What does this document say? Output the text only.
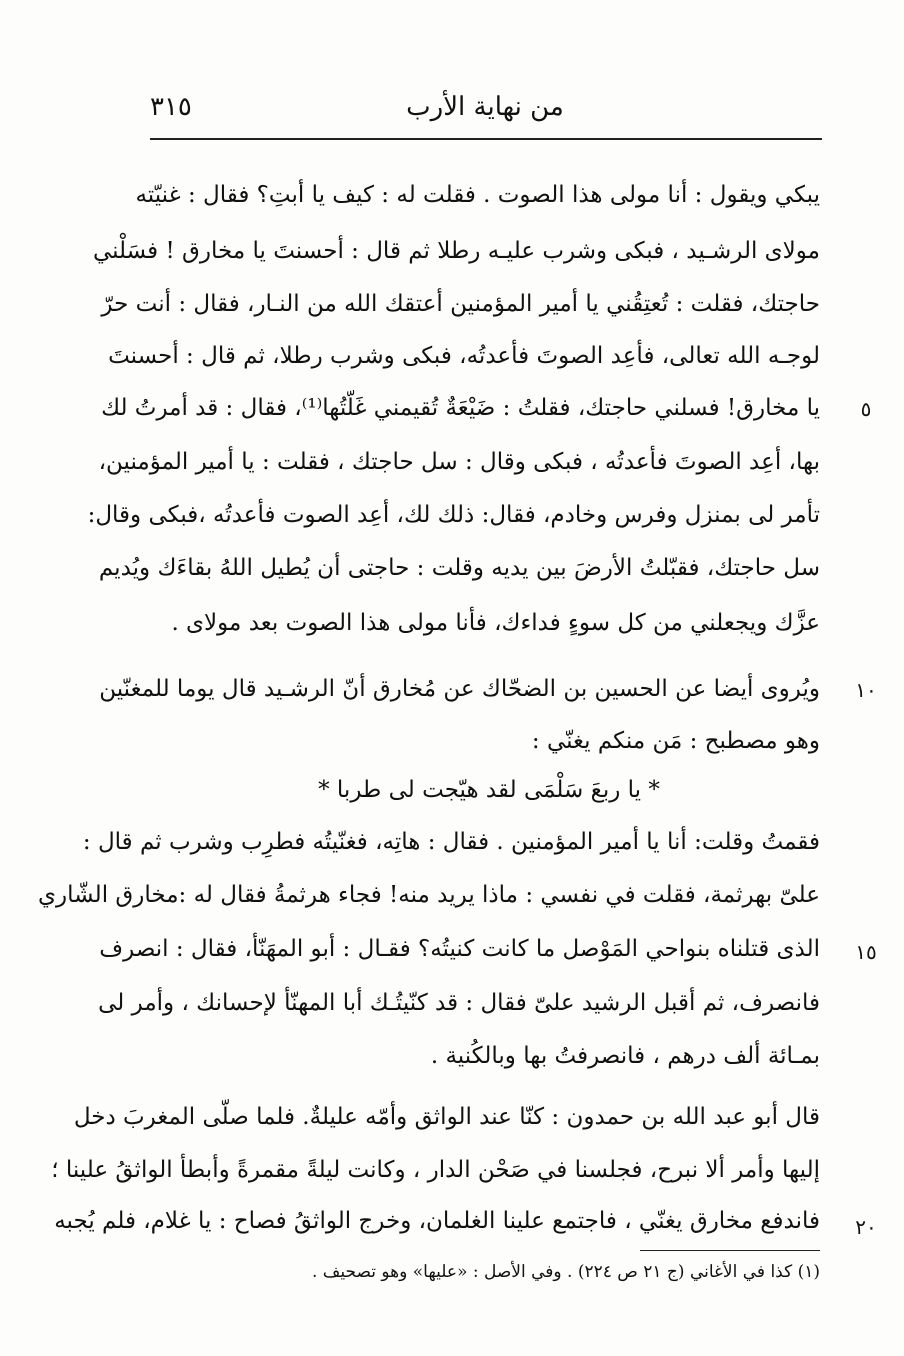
من نهاية الأرب
٣١٥
يبكي ويقول : أنا مولى هذا الصوت . فقلت له : كيف يا أبتِ؟ فقال : غنيّته
مولاى الرشـيد ، فبكى وشرب عليـه رطلا ثم قال : أحسنتَ يا مخارق ! فسَلْني
حاجتك، فقلت : تُعتِقُني يا أمير المؤمنين أعتقك الله من النـار، فقال : أنت حرّ
لوجـه الله تعالى، فأعِد الصوتَ فأعدتُه، فبكى وشرب رطلا، ثم قال : أحسنتَ
يا مخارق! فسلني حاجتك، فقلتُ : ضَيْعَةٌ تُقيمني غَلّتُها⁽¹⁾، فقال : قد أمرتُ لك	٥
بها، أعِد الصوتَ فأعدتُه ، فبكى وقال : سل حاجتك ، فقلت : يا أمير المؤمنين،
تأمر لى بمنزل وفرس وخادم، فقال: ذلك لك، أعِد الصوت فأعدتُه ،فبكى وقال:
سل حاجتك، فقبّلتُ الأرضَ بين يديه وقلت : حاجتى أن يُطيل اللهُ بقاءَك ويُديم
عزَّك ويجعلني من كل سوءٍ فداءك، فأنا مولى هذا الصوت بعد مولاى .
ويُروى أيضا عن الحسين بن الضحّاك عن مُخارق أنّ الرشـيد قال يوما للمغنّين	١٠
وهو مصطبح : مَن منكم يغنّي :
* يا ربعَ سَلْمَى لقد هيّجت لى طربا *
فقمتُ وقلت: أنا يا أمير المؤمنين . فقال : هاتِه، فغنّيتُه فطرِب وشرب ثم قال :
علىّ بهرثمة، فقلت في نفسي : ماذا يريد منه! فجاء هرثمةُ فقال له :مخارق الشّاري
الذى قتلناه بنواحي المَوْصل ما كانت كنيتُه؟ فقـال : أبو المهَنّأ، فقال : انصرف	١٥
فانصرف، ثم أقبل الرشيد علىّ فقال : قد كنّيتُـك أبا المهنّأ لإحسانك ، وأمر لى
بمـائة ألف درهم ، فانصرفتُ بها وبالكُنية .
قال أبو عبد الله بن حمدون : كنّا عند الواثق وأمّه عليلةٌ. فلما صلّى المغربَ دخل
إليها وأمر ألا نبرح، فجلسنا في صَحْن الدار ، وكانت ليلةً مقمرةً وأبطأ الواثقُ علينا ؛
فاندفع مخارق يغنّي ، فاجتمع علينا الغلمان، وخرج الواثقُ فصاح : يا غلام، فلم يُجبه	٢٠
(١) كذا في الأغاني (ج ٢١ ص ٢٢٤) . وفي الأصل : «عليها» وهو تصحيف .
